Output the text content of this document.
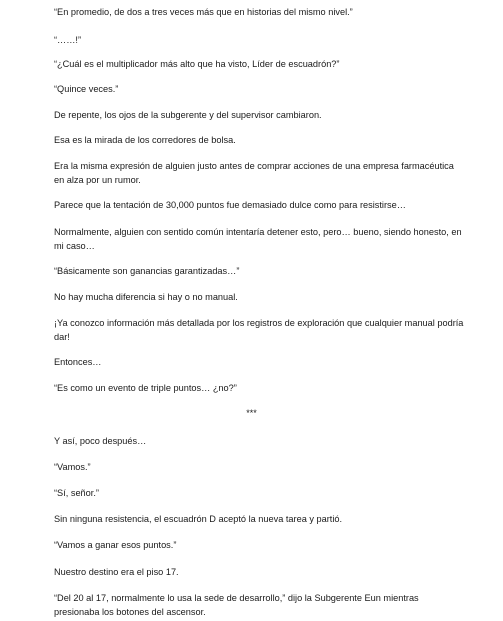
“En promedio, de dos a tres veces más que en historias del mismo nivel.”

“……!”

“¿Cuál es el multiplicador más alto que ha visto, Líder de escuadrón?”

“Quince veces.”

De repente, los ojos de la subgerente y del supervisor cambiaron.

Esa es la mirada de los corredores de bolsa.

Era la misma expresión de alguien justo antes de comprar acciones de una empresa farmacéutica en alza por un rumor.

Parece que la tentación de 30,000 puntos fue demasiado dulce como para resistirse…

Normalmente, alguien con sentido común intentaría detener esto, pero… bueno, siendo honesto, en mi caso…

“Básicamente son ganancias garantizadas…”

No hay mucha diferencia si hay o no manual.

¡Ya conozco información más detallada por los registros de exploración que cualquier manual podría dar!

Entonces…

“Es como un evento de triple puntos… ¿no?”

***

Y así, poco después…

“Vamos.”

“Sí, señor.”

Sin ninguna resistencia, el escuadrón D aceptó la nueva tarea y partió.

“Vamos a ganar esos puntos.”

Nuestro destino era el piso 17.

“Del 20 al 17, normalmente lo usa la sede de desarrollo,” dijo la Subgerente Eun mientras presionaba los botones del ascensor.
